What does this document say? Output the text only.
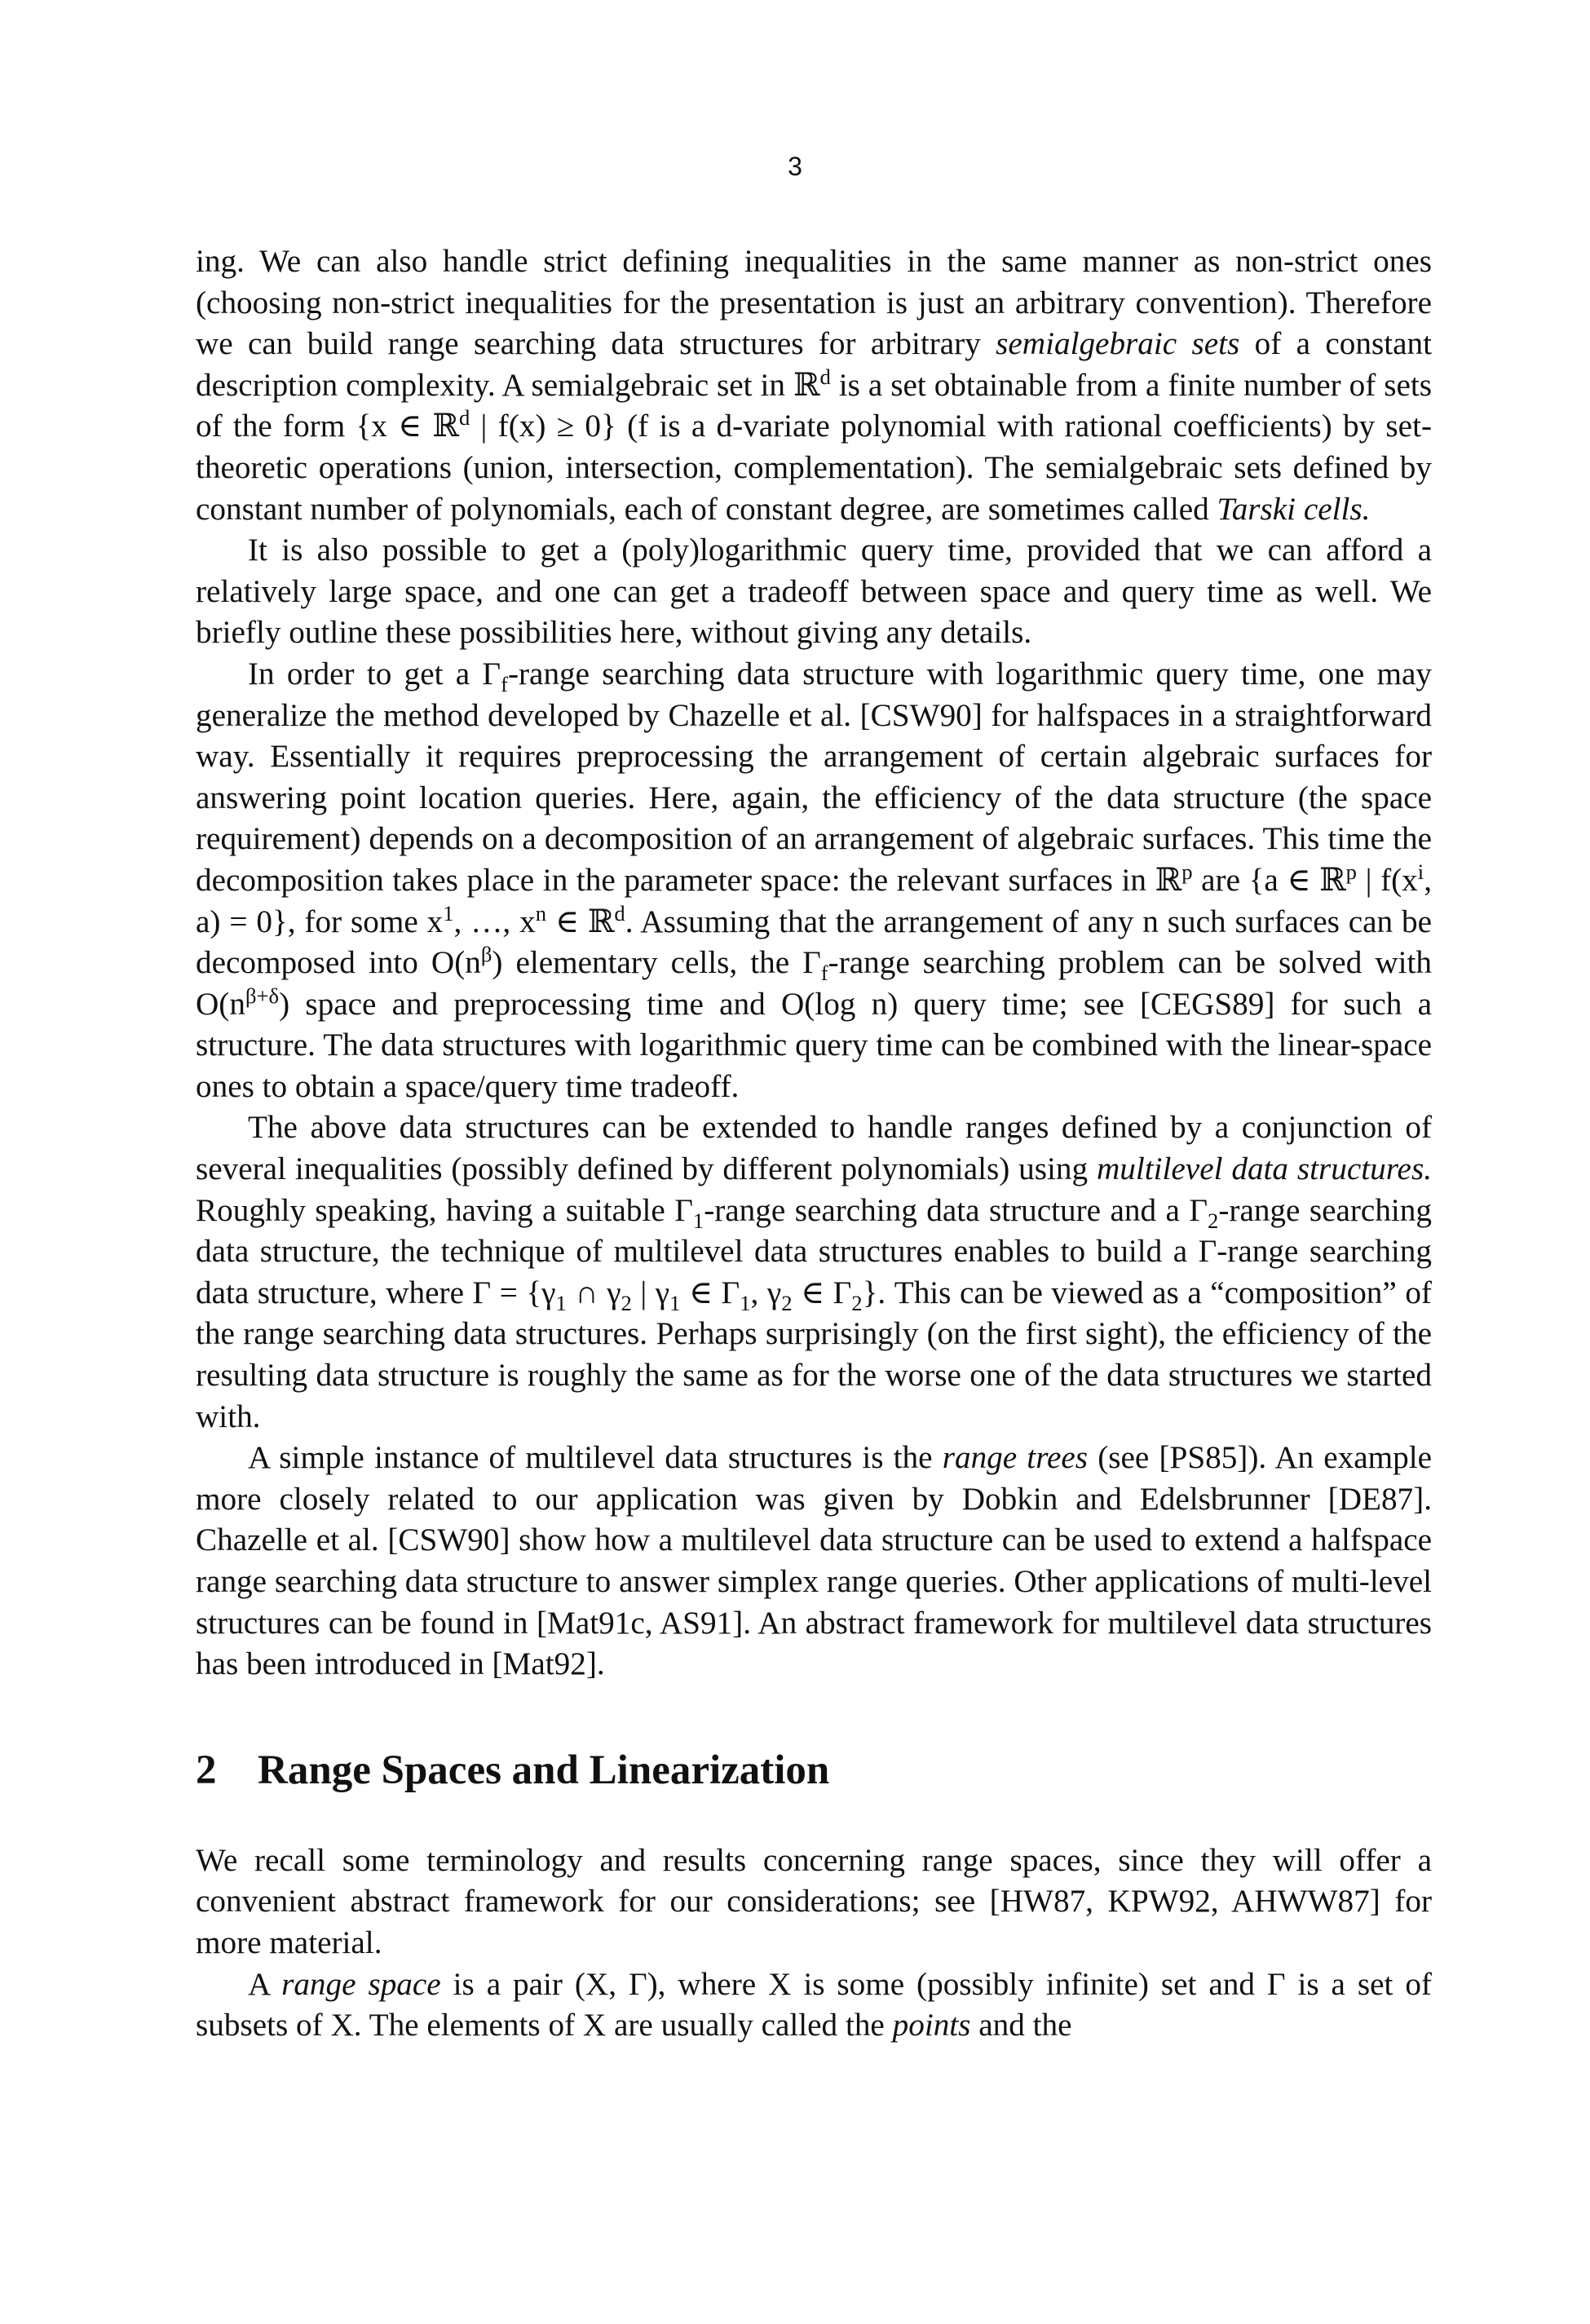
3

ing. We can also handle strict defining inequalities in the same manner as non-strict ones (choosing non-strict inequalities for the presentation is just an arbitrary convention). Therefore we can build range searching data structures for arbitrary semialgebraic sets of a constant description complexity. A semialgebraic set in ℝ$^d$ is a set obtainable from a finite number of sets of the form {x ∈ ℝ$^d$ | f(x) ≥ 0} (f is a d-variate polynomial with rational coefficients) by set-theoretic operations (union, intersection, complementation). The semialgebraic sets defined by constant number of polynomials, each of constant degree, are sometimes called Tarski cells.

It is also possible to get a (poly)logarithmic query time, provided that we can afford a relatively large space, and one can get a tradeoff between space and query time as well. We briefly outline these possibilities here, without giving any details.

In order to get a $\Gamma_f$-range searching data structure with logarithmic query time, one may generalize the method developed by Chazelle et al. [CSW90] for halfspaces in a straightforward way. Essentially it requires preprocessing the arrangement of certain algebraic surfaces for answering point location queries. Here, again, the efficiency of the data structure (the space requirement) depends on a decomposition of an arrangement of algebraic surfaces. This time the decomposition takes place in the parameter space: the relevant surfaces in ℝ$^p$ are {a ∈ ℝ$^p$ | $f(x^i$, a) = 0}, for some $x^1$, …, $x^n$ ∈ ℝ$^d$. Assuming that the arrangement of any n such surfaces can be decomposed into $O(n^\beta)$ elementary cells, the $\Gamma_f$-range searching problem can be solved with $O(n^{\beta+\delta})$ space and preprocessing time and O(log n) query time; see [CEGS89] for such a structure. The data structures with logarithmic query time can be combined with the linear-space ones to obtain a space/query time tradeoff.

The above data structures can be extended to handle ranges defined by a conjunction of several inequalities (possibly defined by different polynomials) using multilevel data structures. Roughly speaking, having a suitable $\Gamma_1$-range searching data structure and a $\Gamma_2$-range searching data structure, the technique of multilevel data structures enables to build a Γ-range searching data structure, where $\Gamma = \{\gamma_1$ ∩ $\gamma_2$ | $\gamma_1$ ∈ $\Gamma_1$, $\gamma_2$ ∈ $\Gamma_2$}. This can be viewed as a “composition” of the range searching data structures. Perhaps surprisingly (on the first sight), the efficiency of the resulting data structure is roughly the same as for the worse one of the data structures we started with.

A simple instance of multilevel data structures is the range trees (see [PS85]). An example more closely related to our application was given by Dobkin and Edelsbrunner [DE87]. Chazelle et al. [CSW90] show how a multilevel data structure can be used to extend a halfspace range searching data structure to answer simplex range queries. Other applications of multi-level structures can be found in [Mat91c, AS91]. An abstract framework for multilevel data structures has been introduced in [Mat92].

2 Range Spaces and Linearization

We recall some terminology and results concerning range spaces, since they will offer a convenient abstract framework for our considerations; see [HW87, KPW92, AHWW87] for more material.

A range space is a pair (X, Γ), where X is some (possibly infinite) set and Γ is a set of subsets of X. The elements of X are usually called the points and the
